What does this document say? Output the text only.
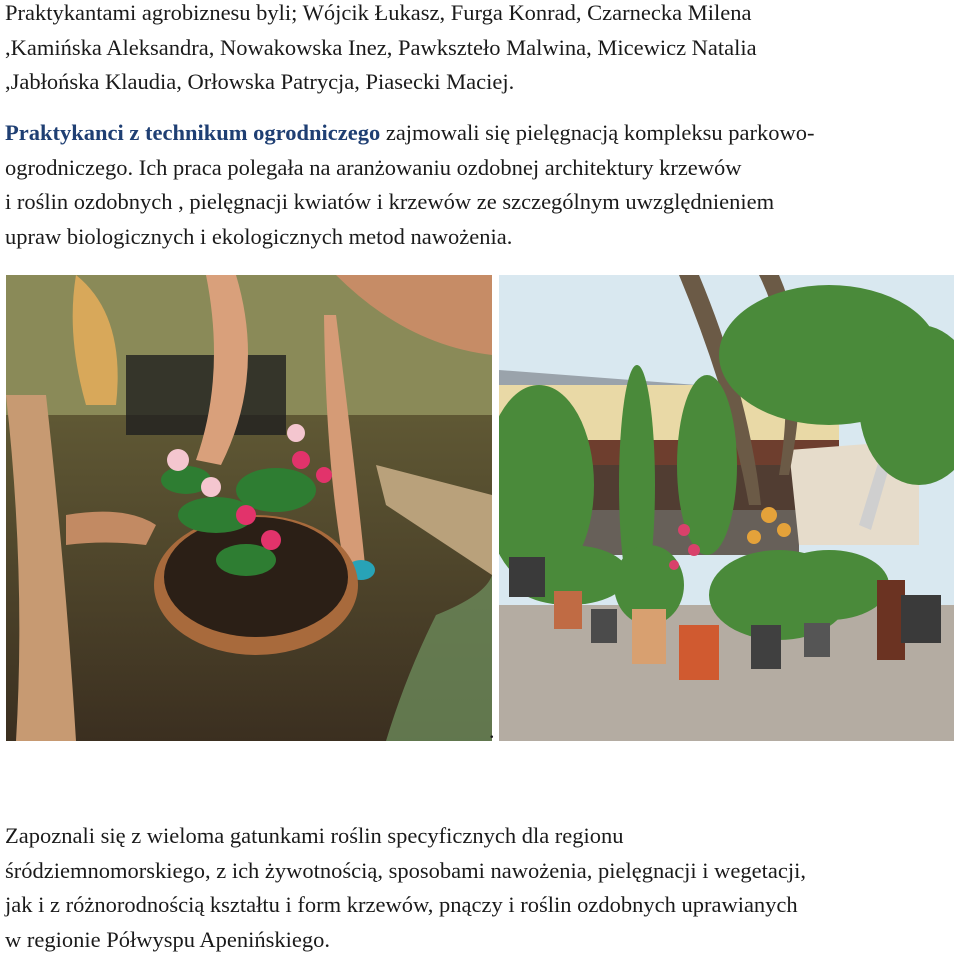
Praktykantami agrobiznesu byli; Wójcik Łukasz, Furga Konrad, Czarnecka Milena
,Kamińska Aleksandra, Nowakowska Inez, Pawkszteło Malwina, Micewicz Natalia
,Jabłońska Klaudia, Orłowska Patrycja, Piasecki Maciej.

Praktykanci z technikum ogrodniczego zajmowali się pielęgnacją kompleksu parkowo-
ogrodniczego. Ich praca polegała na aranżowaniu ozdobnej architektury krzewów
i roślin ozdobnych , pielęgnacji kwiatów i krzewów ze szczególnym uwzględnieniem
upraw biologicznych i ekologicznych metod nawożenia.

.

Zapoznali się z wieloma gatunkami roślin specyficznych dla regionu
śródziemnomorskiego, z ich żywotnością, sposobami nawożenia, pielęgnacji i wegetacji,
jak i z różnorodnością kształtu i form krzewów, pnączy i roślin ozdobnych uprawianych
w regionie Półwyspu Apenińskiego.
